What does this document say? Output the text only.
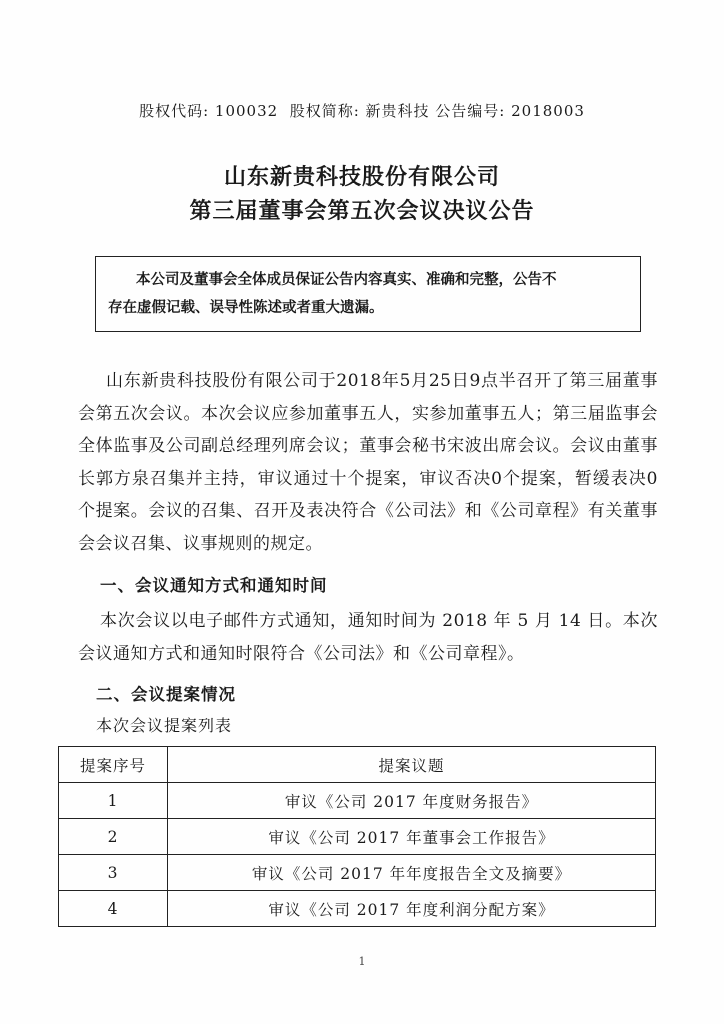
股权代码: 100032  股权简称: 新贵科技 公告编号: 2018003
山东新贵科技股份有限公司
第三届董事会第五次会议决议公告
本公司及董事会全体成员保证公告内容真实、准确和完整，公告不
存在虚假记载、误导性陈述或者重大遗漏。
山东新贵科技股份有限公司于2018年5月25日9点半召开了第三届董事会第五次会议。本次会议应参加董事五人，实参加董事五人；第三届监事会全体监事及公司副总经理列席会议；董事会秘书宋波出席会议。会议由董事长郭方泉召集并主持，审议通过十个提案，审议否决0个提案，暂缓表决0个提案。会议的召集、召开及表决符合《公司法》和《公司章程》有关董事会会议召集、议事规则的规定。
一、会议通知方式和通知时间
本次会议以电子邮件方式通知，通知时间为 2018 年 5 月 14 日。本次会议通知方式和通知时限符合《公司法》和《公司章程》。
二、会议提案情况
本次会议提案列表
提案序号	提案议题
1	审议《公司 2017 年度财务报告》
2	审议《公司 2017 年董事会工作报告》
3	审议《公司 2017 年年度报告全文及摘要》
4	审议《公司 2017 年度利润分配方案》
1
